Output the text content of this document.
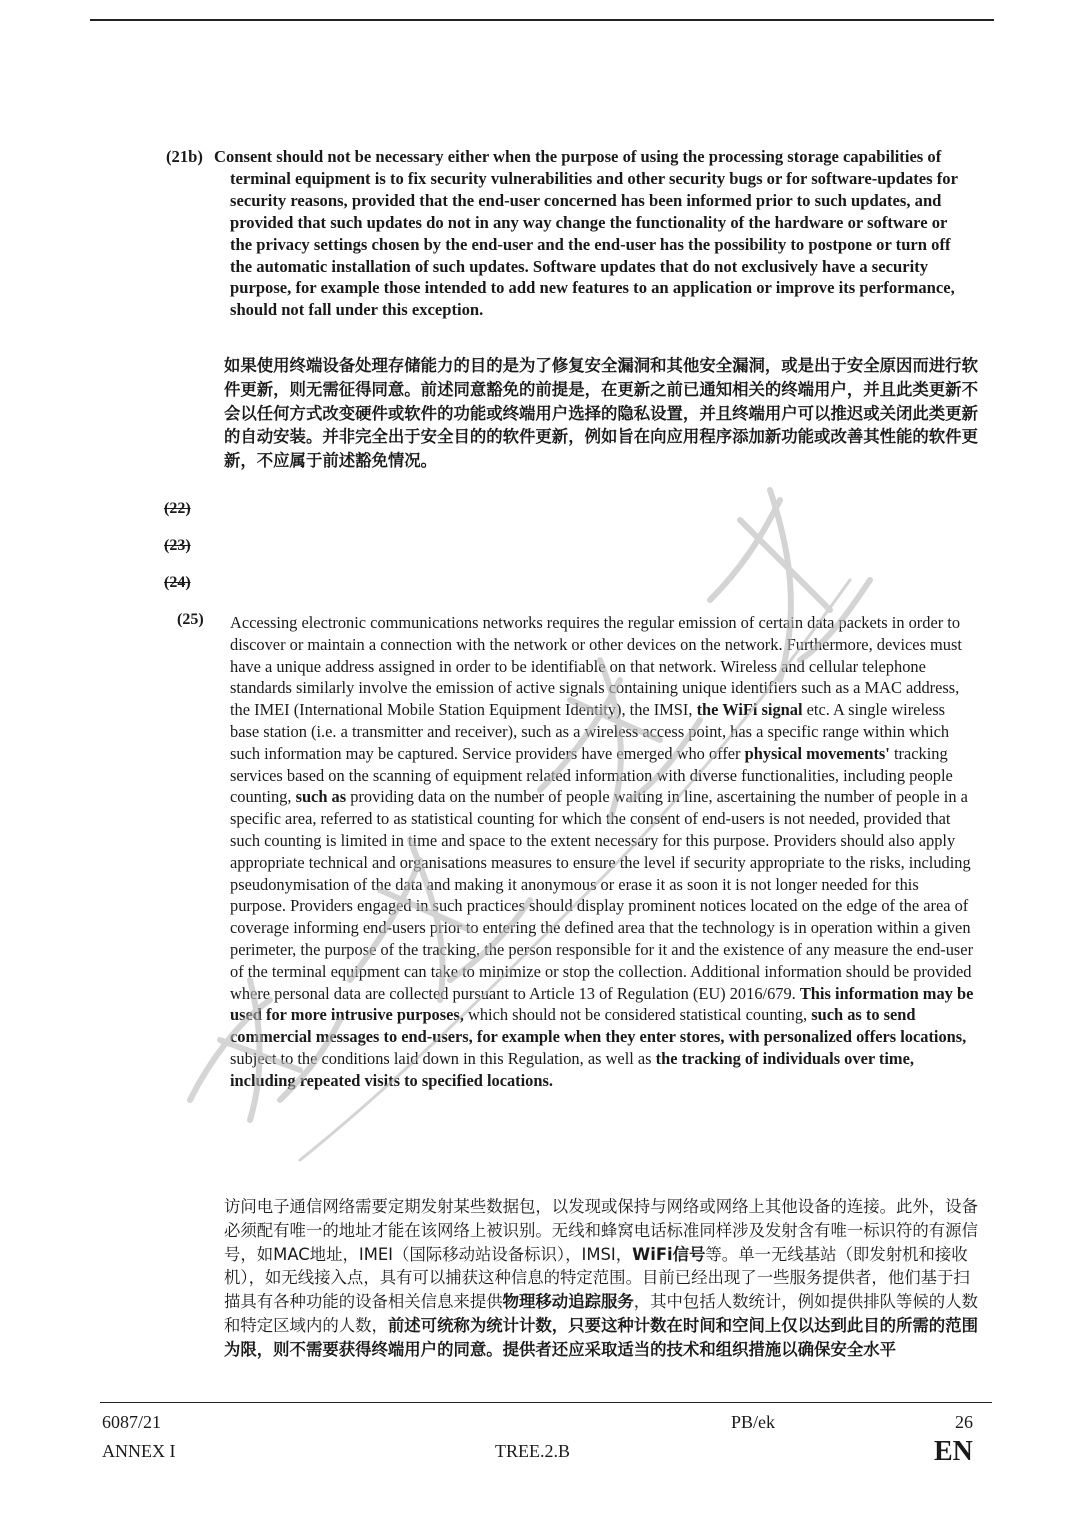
(21b) Consent should not be necessary either when the purpose of using the processing storage capabilities of terminal equipment is to fix security vulnerabilities and other security bugs or for software-updates for security reasons, provided that the end-user concerned has been informed prior to such updates, and provided that such updates do not in any way change the functionality of the hardware or software or the privacy settings chosen by the end-user and the end-user has the possibility to postpone or turn off the automatic installation of such updates. Software updates that do not exclusively have a security purpose, for example those intended to add new features to an application or improve its performance, should not fall under this exception.
如果使用终端设备处理存储能力的目的是为了修复安全漏洞和其他安全漏洞，或是出于安全原因而进行软件更新，则无需征得同意。前述同意豁免的前提是，在更新之前已通知相关的终端用户，并且此类更新不会以任何方式改变硬件或软件的功能或终端用户选择的隐私设置，并且终端用户可以推迟或关闭此类更新的自动安装。并非完全出于安全目的的软件更新，例如旨在向应用程序添加新功能或改善其性能的软件更新，不应属于前述豁免情况。
(22)
(23)
(24)
(25) Accessing electronic communications networks requires the regular emission of certain data packets in order to discover or maintain a connection with the network or other devices on the network. Furthermore, devices must have a unique address assigned in order to be identifiable on that network. Wireless and cellular telephone standards similarly involve the emission of active signals containing unique identifiers such as a MAC address, the IMEI (International Mobile Station Equipment Identity), the IMSI, the WiFi signal etc. A single wireless base station (i.e. a transmitter and receiver), such as a wireless access point, has a specific range within which such information may be captured. Service providers have emerged who offer physical movements' tracking services based on the scanning of equipment related information with diverse functionalities, including people counting, such as providing data on the number of people waiting in line, ascertaining the number of people in a specific area, referred to as statistical counting for which the consent of end-users is not needed, provided that such counting is limited in time and space to the extent necessary for this purpose. Providers should also apply appropriate technical and organisations measures to ensure the level if security appropriate to the risks, including pseudonymisation of the data and making it anonymous or erase it as soon it is not longer needed for this purpose. Providers engaged in such practices should display prominent notices located on the edge of the area of coverage informing end-users prior to entering the defined area that the technology is in operation within a given perimeter, the purpose of the tracking, the person responsible for it and the existence of any measure the end-user of the terminal equipment can take to minimize or stop the collection. Additional information should be provided where personal data are collected pursuant to Article 13 of Regulation (EU) 2016/679. This information may be used for more intrusive purposes, which should not be considered statistical counting, such as to send commercial messages to end-users, for example when they enter stores, with personalized offers locations, subject to the conditions laid down in this Regulation, as well as the tracking of individuals over time, including repeated visits to specified locations.
访问电子通信网络需要定期发射某些数据包，以发现或保持与网络或网络上其他设备的连接。此外，设备必须配有唯一的地址才能在该网络上被识别。无线和蜂窝电话标准同样涉及发射含有唯一标识符的有源信号，如MAC地址，IMEI（国际移动站设备标识），IMSI，WiFi信号等。单一无线基站（即发射机和接收机），如无线接入点，具有可以捕获这种信息的特定范围。目前已经出现了一些服务提供者，他们基于扫描具有各种功能的设备相关信息来提供物理移动追踪服务，其中包括人数统计，例如提供排队等候的人数和特定区域内的人数，前述可统称为统计计数，只要这种计数在时间和空间上仅以达到此目的所需的范围为限，则不需要获得终端用户的同意。提供者还应采取适当的技术和组织措施以确保安全水平
6087/21
ANNEX I
PB/ek
TREE.2.B
26
EN
